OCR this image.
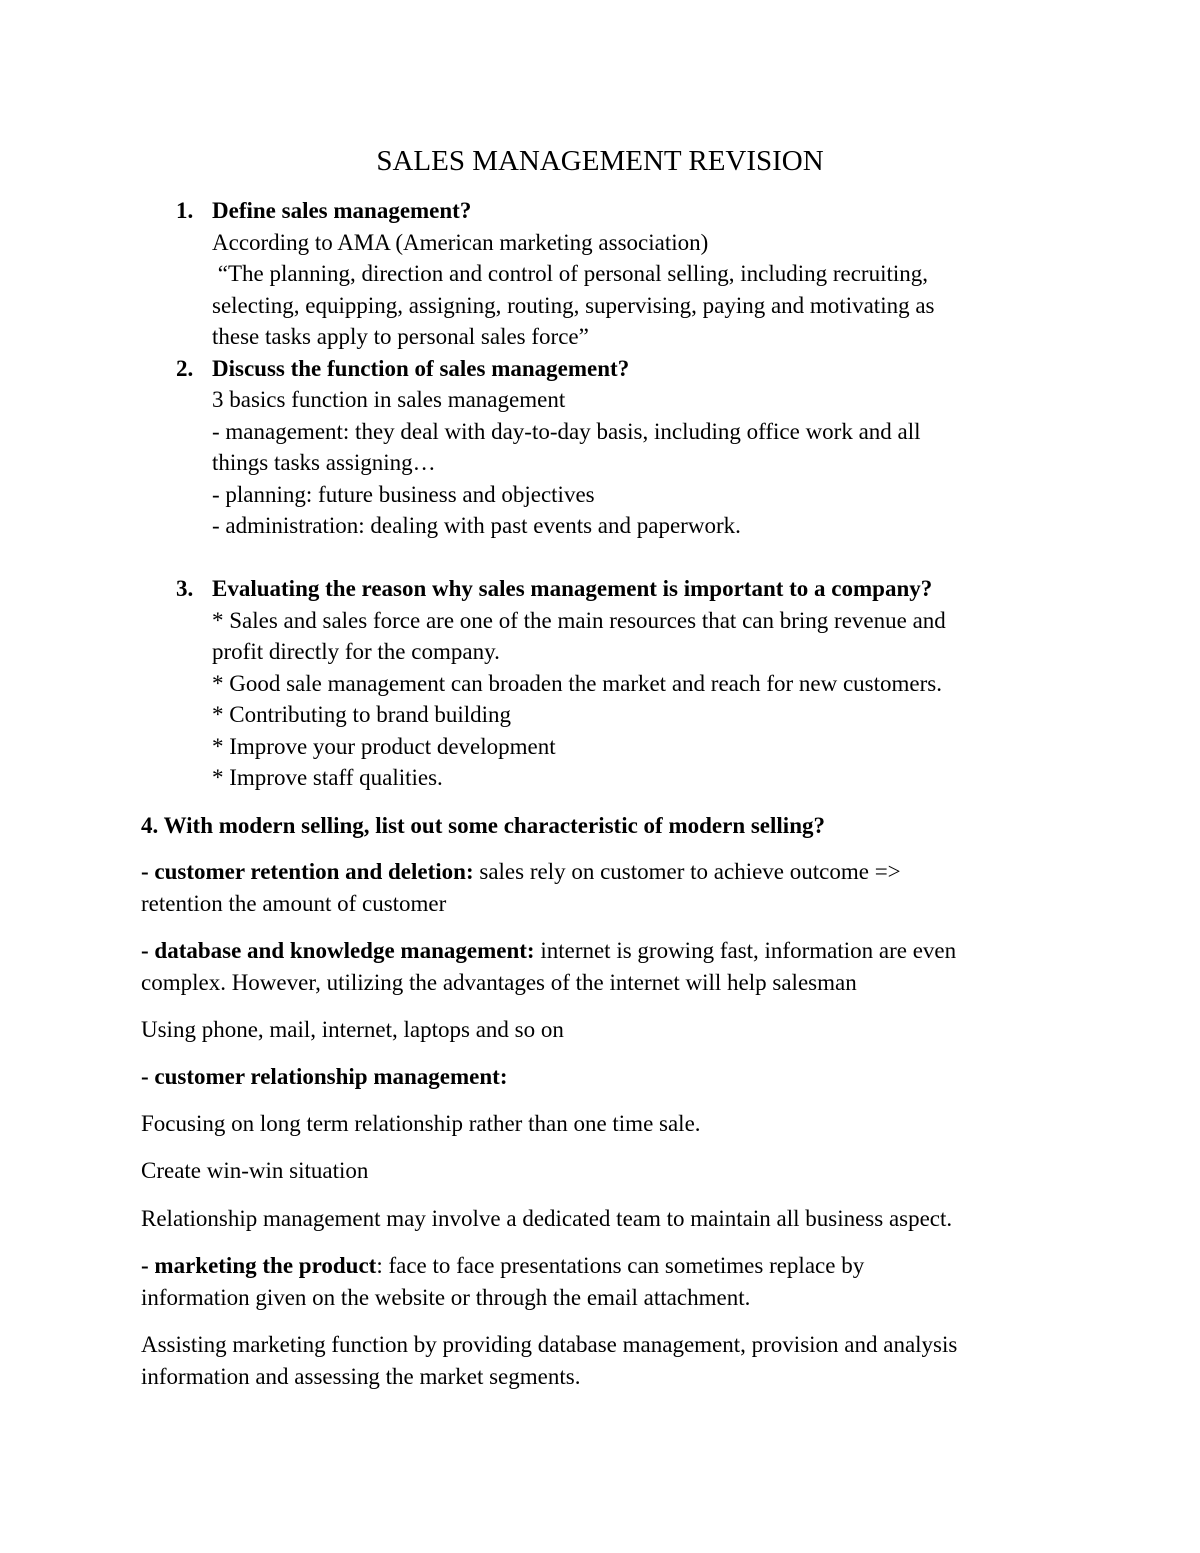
SALES MANAGEMENT REVISION
1. Define sales management?
According to AMA (American marketing association)
“The planning, direction and control of personal selling, including recruiting,
selecting, equipping, assigning, routing, supervising, paying and motivating as
these tasks apply to personal sales force”
2. Discuss the function of sales management?
3 basics function in sales management
- management: they deal with day-to-day basis, including office work and all
things tasks assigning…
- planning: future business and objectives
- administration: dealing with past events and paperwork.
3. Evaluating the reason why sales management is important to a company?
* Sales and sales force are one of the main resources that can bring revenue and
profit directly for the company.
* Good sale management can broaden the market and reach for new customers.
* Contributing to brand building
* Improve your product development
* Improve staff qualities.

4. With modern selling, list out some characteristic of modern selling?

- customer retention and deletion: sales rely on customer to achieve outcome =>
retention the amount of customer

- database and knowledge management: internet is growing fast, information are even
complex. However, utilizing the advantages of the internet will help salesman

Using phone, mail, internet, laptops and so on

- customer relationship management:

Focusing on long term relationship rather than one time sale.

Create win-win situation

Relationship management may involve a dedicated team to maintain all business aspect.

- marketing the product: face to face presentations can sometimes replace by
information given on the website or through the email attachment.

Assisting marketing function by providing database management, provision and analysis
information and assessing the market segments.
